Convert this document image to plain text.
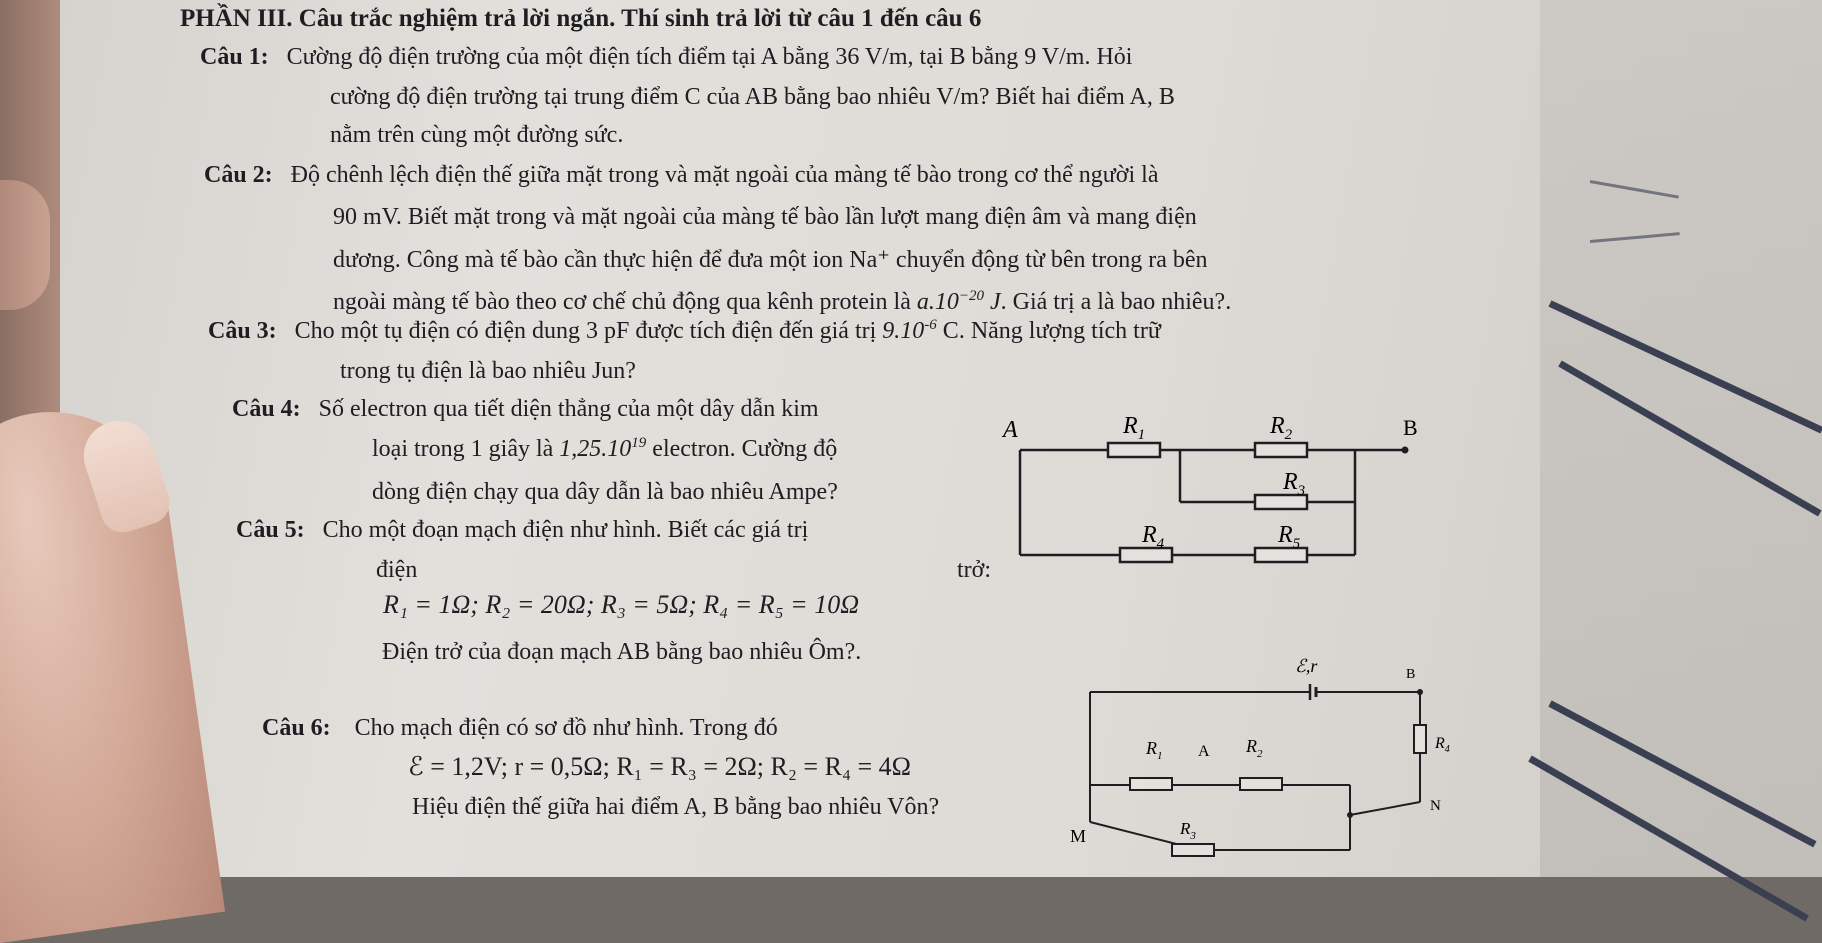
PHẦN III. Câu trắc nghiệm trả lời ngắn. Thí sinh trả lời từ câu 1 đến câu 6
Câu 1: Cường độ điện trường của một điện tích điểm tại A bằng 36 V/m, tại B bằng 9 V/m. Hỏi
cường độ điện trường tại trung điểm C của AB bằng bao nhiêu V/m? Biết hai điểm A, B
nằm trên cùng một đường sức.
Câu 2: Độ chênh lệch điện thế giữa mặt trong và mặt ngoài của màng tế bào trong cơ thể người là
90 mV. Biết mặt trong và mặt ngoài của màng tế bào lần lượt mang điện âm và mang điện
dương. Công mà tế bào cần thực hiện để đưa một ion Na⁺ chuyển động từ bên trong ra bên
ngoài màng tế bào theo cơ chế chủ động qua kênh protein là $a.10^{-20}$ J. Giá trị a là bao nhiêu?.
Câu 3: Cho một tụ điện có điện dung 3 pF được tích điện đến giá trị $9.10^{-6}$ C. Năng lượng tích trữ
trong tụ điện là bao nhiêu Jun?
Câu 4: Số electron qua tiết diện thẳng của một dây dẫn kim
loại trong 1 giây là 1,25.10$^{19}$ electron. Cường độ
dòng điện chạy qua dây dẫn là bao nhiêu Ampe?
Câu 5: Cho một đoạn mạch điện như hình. Biết các giá trị
điện	trở:
R₁ = 1Ω; R₂ = 20Ω; R₃ = 5Ω; R₄ = R₅ = 10Ω
Điện trở của đoạn mạch AB bằng bao nhiêu Ôm?.
Câu 6: Cho mạch điện có sơ đồ như hình. Trong đó
ℰ = 1,2V; r = 0,5Ω; R₁ = R₃ = 2Ω; R₂ = R₄ = 4Ω
Hiệu điện thế giữa hai điểm A, B bằng bao nhiêu Vôn?
A	B
$R_1$	$R_2$
$R_3$
$R_4$	$R_5$
ℰ,r	B
$R_4$
$R_1$ A $R_2$
N
$R_3$
M
